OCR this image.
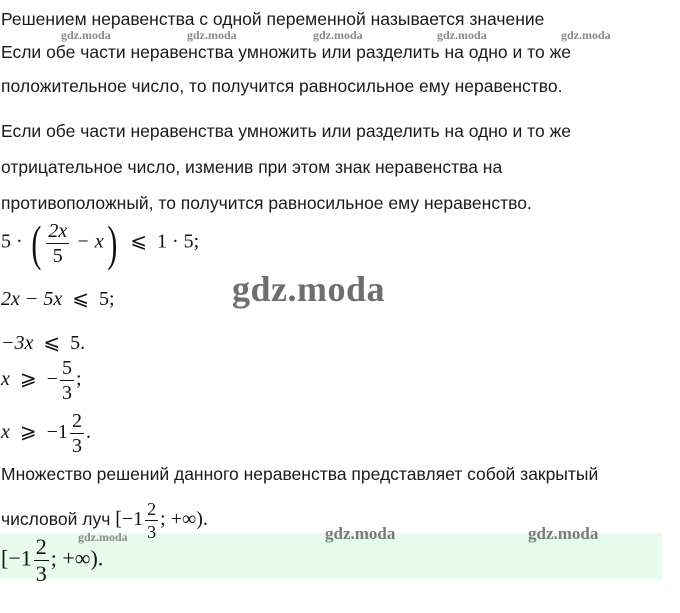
Решением неравенства с одной переменной называется значение
Если обе части неравенства умножить или разделить на одно и то же
положительное число, то получится равносильное ему неравенство.
Если обе части неравенства умножить или разделить на одно и то же
отрицательное число, изменив при этом знак неравенства на
противоположный, то получится равносильное ему неравенство.
5 · ( $\frac{2x}{5} - x$) ⩽ 1 · 5;
2x − 5x ⩽ 5;
−3x ⩽ 5.
x ⩾ − $\frac{5}{3}$ ;
x ⩾ $-1 \frac{2}{3}$ .
Множество решений данного неравенства представляет собой закрытый
числовой луч [$-1 \frac{2}{3}$ ; +∞).
[$-1 \frac{2}{3}$ ; +∞).
gdz.moda	gdz.moda	gdz.moda	gdz.moda	gdz.moda
gdz.moda
gdz.moda	gdz.moda
gdz.moda
